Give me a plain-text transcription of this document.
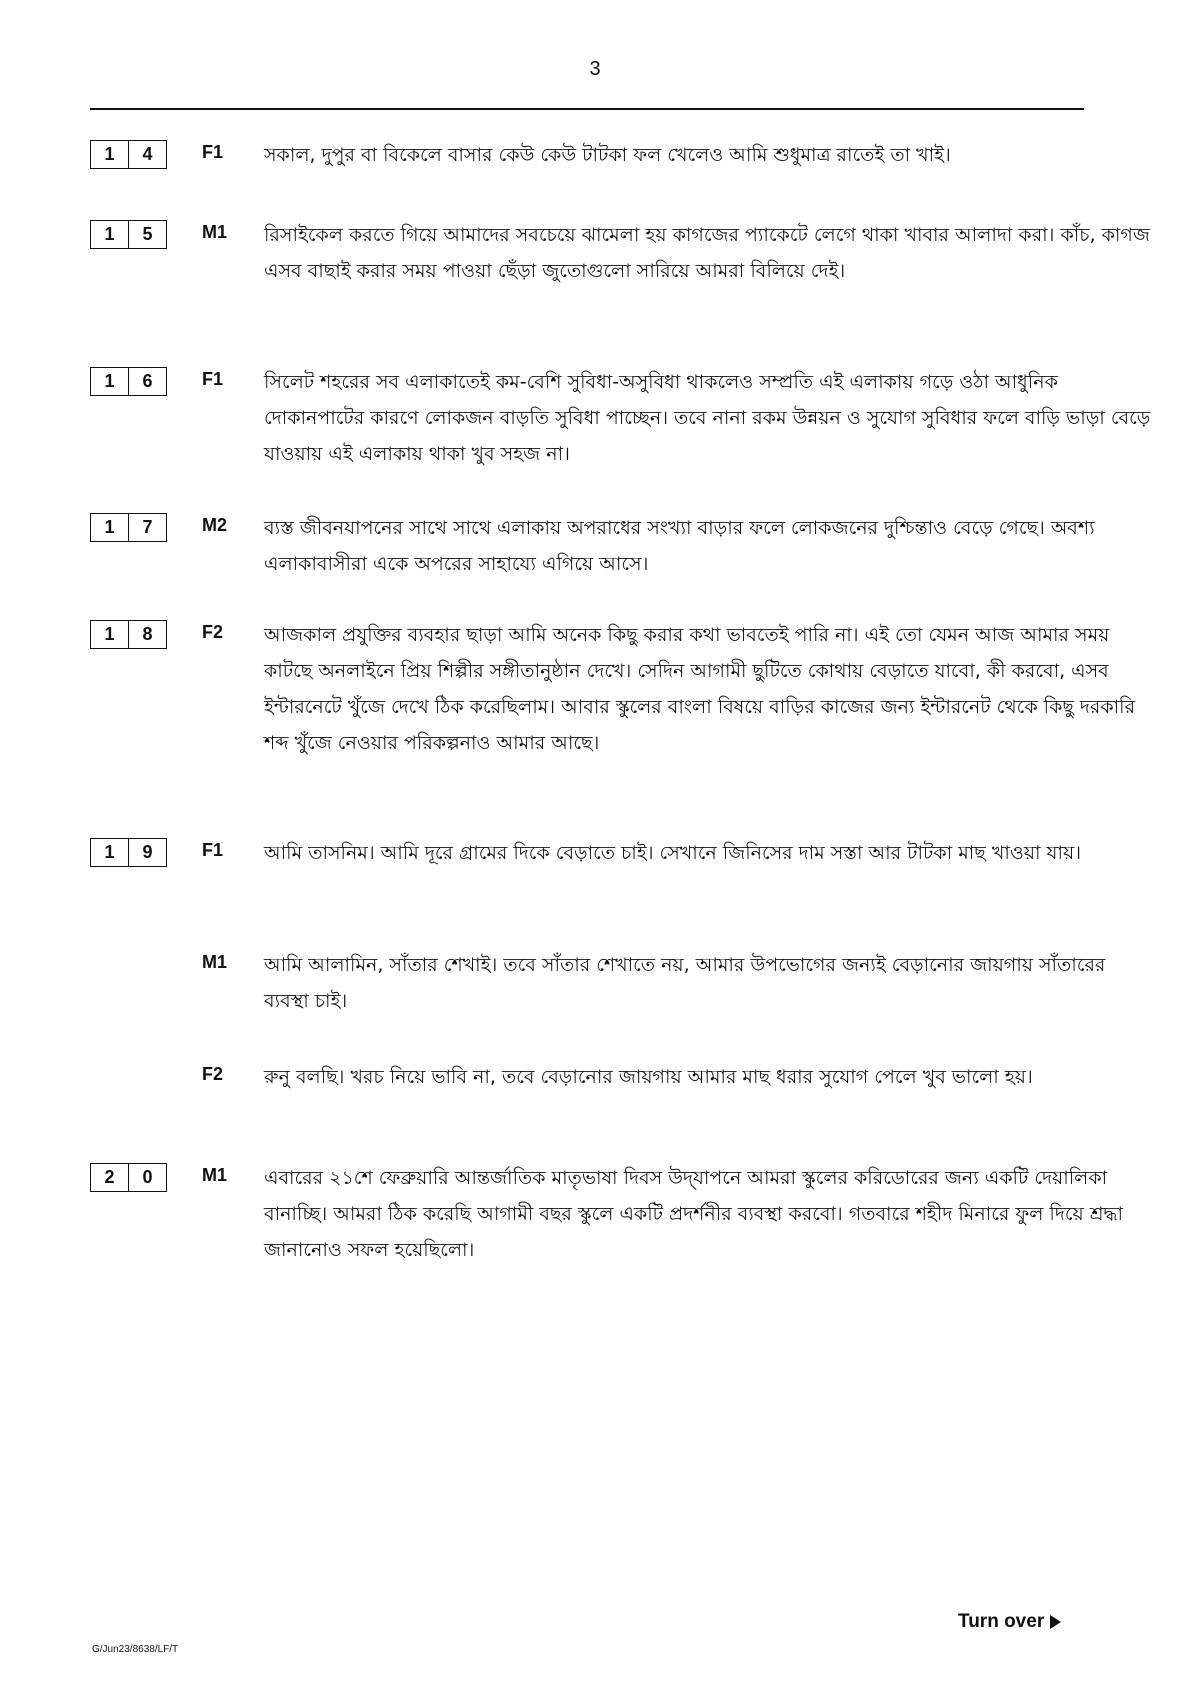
3
1	4	F1 সকাল, দুপুর বা বিকেলে বাসার কেউ কেউ টাটকা ফল খেলেও আমি শুধুমাত্র রাতেই তা খাই।

1	5	M1 রিসাইকেল করতে গিয়ে আমাদের সবচেয়ে ঝামেলা হয় কাগজের প্যাকেটে লেগে থাকা খাবার আলাদা করা। কাঁচ, কাগজ এসব বাছাই করার সময় পাওয়া ছেঁড়া জুতোগুলো সারিয়ে আমরা বিলিয়ে দেই।

1	6	F1 সিলেট শহরের সব এলাকাতেই কম-বেশি সুবিধা-অসুবিধা থাকলেও সম্প্রতি এই এলাকায় গড়ে ওঠা আধুনিক দোকানপাটের কারণে লোকজন বাড়তি সুবিধা পাচ্ছেন। তবে নানা রকম উন্নয়ন ও সুযোগ সুবিধার ফলে বাড়ি ভাড়া বেড়ে যাওয়ায় এই এলাকায় থাকা খুব সহজ না।

1	7	M2 ব্যস্ত জীবনযাপনের সাথে সাথে এলাকায় অপরাধের সংখ্যা বাড়ার ফলে লোকজনের দুশ্চিন্তাও বেড়ে গেছে। অবশ্য এলাকাবাসীরা একে অপরের সাহায্যে এগিয়ে আসে।

1	8	F2 আজকাল প্রযুক্তির ব্যবহার ছাড়া আমি অনেক কিছু করার কথা ভাবতেই পারি না। এই তো যেমন আজ আমার সময় কাটছে অনলাইনে প্রিয় শিল্পীর সঙ্গীতানুষ্ঠান দেখে। সেদিন আগামী ছুটিতে কোথায় বেড়াতে যাবো, কী করবো, এসব ইন্টারনেটে খুঁজে দেখে ঠিক করেছিলাম। আবার স্কুলের বাংলা বিষয়ে বাড়ির কাজের জন্য ইন্টারনেট থেকে কিছু দরকারি শব্দ খুঁজে নেওয়ার পরিকল্পনাও আমার আছে।

1	9	F1 আমি তাসনিম। আমি দূরে গ্রামের দিকে বেড়াতে চাই। সেখানে জিনিসের দাম সস্তা আর টাটকা মাছ খাওয়া যায়।

M1 আমি আলামিন, সাঁতার শেখাই। তবে সাঁতার শেখাতে নয়, আমার উপভোগের জন্যই বেড়ানোর জায়গায় সাঁতারের ব্যবস্থা চাই।

F2 রুনু বলছি। খরচ নিয়ে ভাবি না, তবে বেড়ানোর জায়গায় আমার মাছ ধরার সুযোগ পেলে খুব ভালো হয়।

2	0	M1 এবারের ২১শে ফেব্রুয়ারি আন্তর্জাতিক মাতৃভাষা দিবস উদ্‌যাপনে আমরা স্কুলের করিডোরের জন্য একটি দেয়ালিকা বানাচ্ছি। আমরা ঠিক করেছি আগামী বছর স্কুলে একটি প্রদর্শনীর ব্যবস্থা করবো। গতবারে শহীদ মিনারে ফুল দিয়ে শ্রদ্ধা জানানোও সফল হয়েছিলো।

Turn over
G/Jun23/8638/LF/T
